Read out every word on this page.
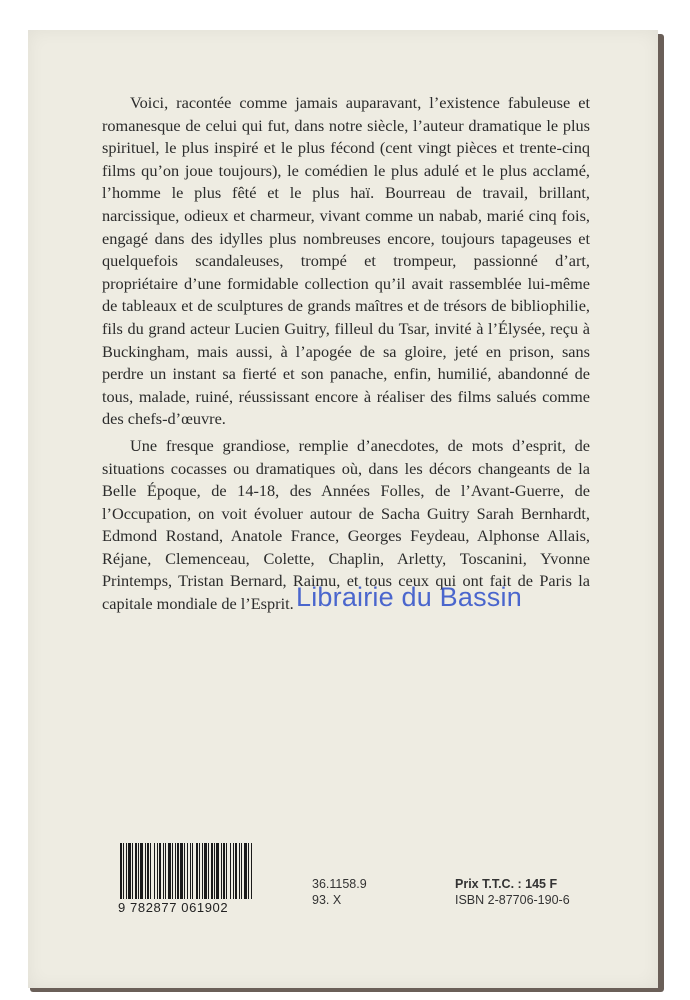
Voici, racontée comme jamais auparavant, l’existence fabuleuse et romanesque de celui qui fut, dans notre siècle, l’auteur dramatique le plus spirituel, le plus inspiré et le plus fécond (cent vingt pièces et trente-cinq films qu’on joue toujours), le comédien le plus adulé et le plus acclamé, l’homme le plus fêté et le plus haï. Bourreau de travail, brillant, narcissique, odieux et charmeur, vivant comme un nabab, marié cinq fois, engagé dans des idylles plus nombreuses encore, toujours tapageuses et quelquefois scandaleuses, trompé et trompeur, passionné d’art, propriétaire d’une formidable collection qu’il avait rassemblée lui-même de tableaux et de sculptures de grands maîtres et de trésors de bibliophilie, fils du grand acteur Lucien Guitry, filleul du Tsar, invité à l’Élysée, reçu à Buckingham, mais aussi, à l’apogée de sa gloire, jeté en prison, sans perdre un instant sa fierté et son panache, enfin, humilié, abandonné de tous, malade, ruiné, réussissant encore à réaliser des films salués comme des chefs-d’œuvre.

Une fresque grandiose, remplie d’anecdotes, de mots d’esprit, de situations cocasses ou dramatiques où, dans les décors changeants de la Belle Époque, de 14-18, des Années Folles, de l’Avant-Guerre, de l’Occupation, on voit évoluer autour de Sacha Guitry Sarah Bernhardt, Edmond Rostand, Anatole France, Georges Feydeau, Alphonse Allais, Réjane, Clemenceau, Colette, Chaplin, Arletty, Toscanini, Yvonne Printemps, Tristan Bernard, Raimu, et tous ceux qui ont fait de Paris la capitale mondiale de l’Esprit. Librairie du Bassin
9 782877 061902
36.1158.9
93. X
Prix T.T.C. : 145 F
ISBN 2-87706-190-6
